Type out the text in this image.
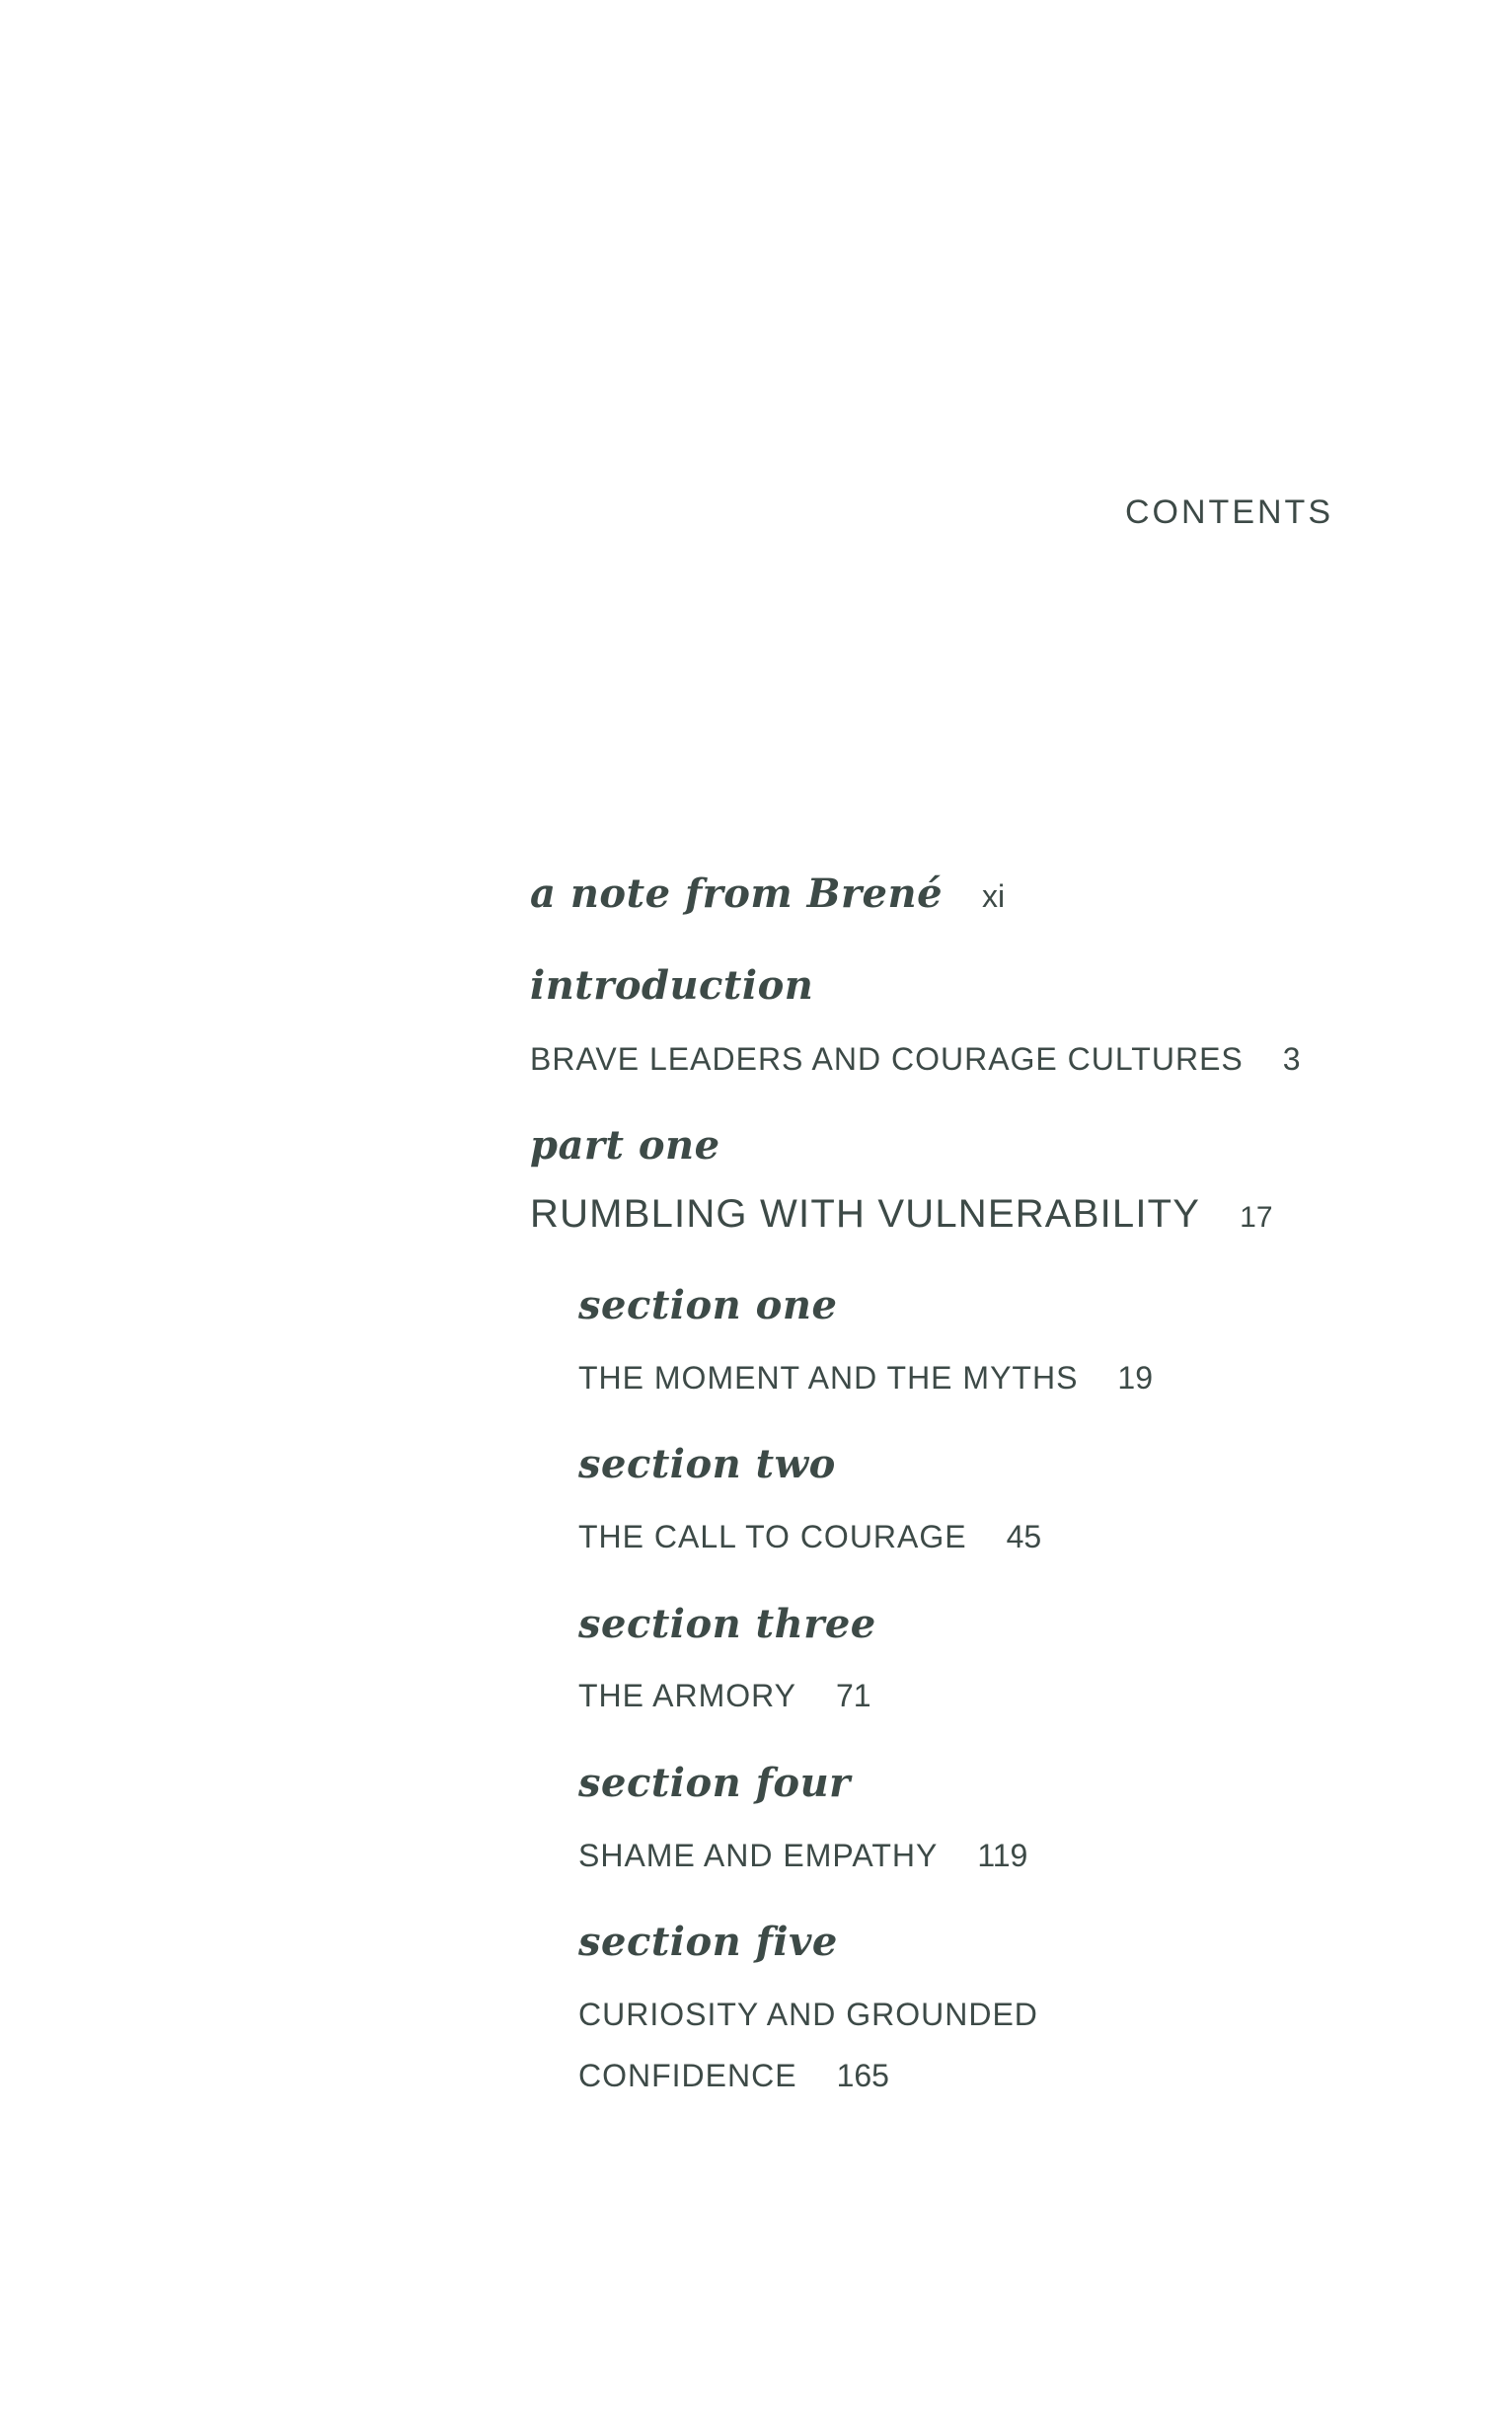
CONTENTS
a note from Brené xi
introduction
BRAVE LEADERS AND COURAGE CULTURES 3
part one
RUMBLING WITH VULNERABILITY 17
section one
THE MOMENT AND THE MYTHS 19
section two
THE CALL TO COURAGE 45
section three
THE ARMORY 71
section four
SHAME AND EMPATHY 119
section five
CURIOSITY AND GROUNDED
CONFIDENCE 165
